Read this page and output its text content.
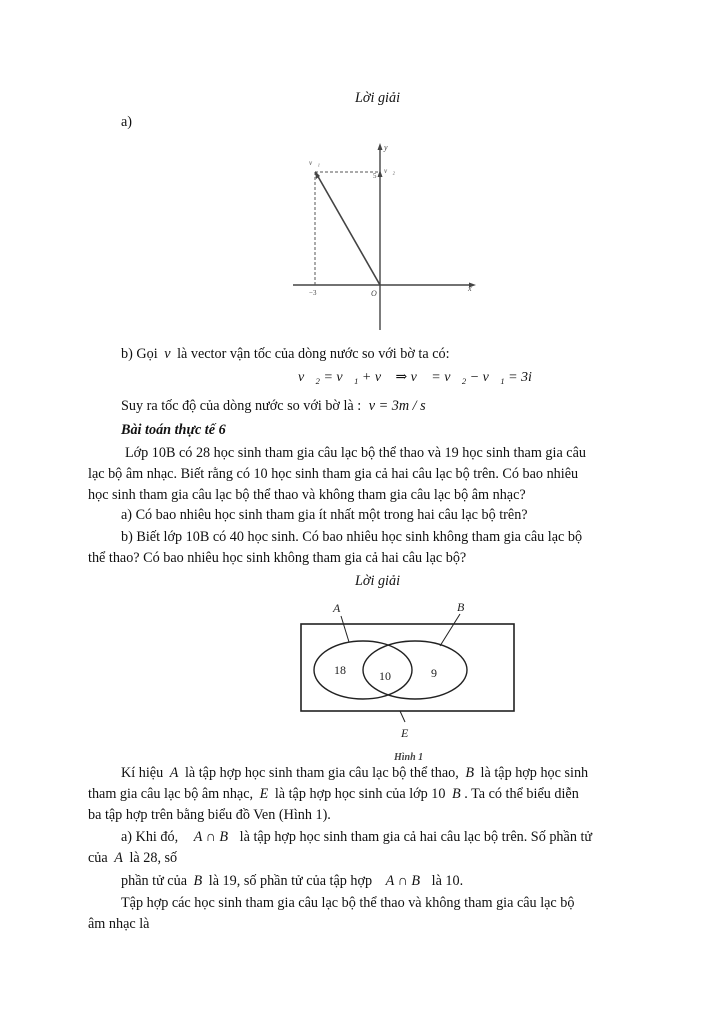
Lời giải
a)
y
x
O
−3
5
v⃗₁
v⃗₂
b) Gọi v là vector vận tốc của dòng nước so với bờ ta có:
v⃗₂ = v⃗₁ + v⃗ ⇒ v⃗ = v⃗₂ − v⃗₁ = 3i⃗
Suy ra tốc độ của dòng nước so với bờ là : v = 3m / s
Bài toán thực tế 6
Lớp 10B có 28 học sinh tham gia câu lạc bộ thể thao và 19 học sinh tham gia câu
lạc bộ âm nhạc. Biết rằng có 10 học sinh tham gia cả hai câu lạc bộ trên. Có bao nhiêu
học sinh tham gia câu lạc bộ thể thao và không tham gia câu lạc bộ âm nhạc?
a) Có bao nhiêu học sinh tham gia ít nhất một trong hai câu lạc bộ trên?
b) Biết lớp 10B có 40 học sinh. Có bao nhiêu học sinh không tham gia câu lạc bộ
thể thao? Có bao nhiêu học sinh không tham gia cả hai câu lạc bộ?
Lời giải
A	B
E
18	10	9
Hình 1
Kí hiệu A là tập hợp học sinh tham gia câu lạc bộ thể thao, B là tập hợp học sinh
tham gia câu lạc bộ âm nhạc, E là tập hợp học sinh của lớp 10 B . Ta có thể biểu diễn
ba tập hợp trên bằng biểu đồ Ven (Hình 1).
a) Khi đó, A ∩ B là tập hợp học sinh tham gia cả hai câu lạc bộ trên. Số phần tử
của A là 28, số
phần tử của B là 19, số phần tử của tập hợp A ∩ B là 10.
Tập hợp các học sinh tham gia câu lạc bộ thể thao và không tham gia câu lạc bộ
âm nhạc là
